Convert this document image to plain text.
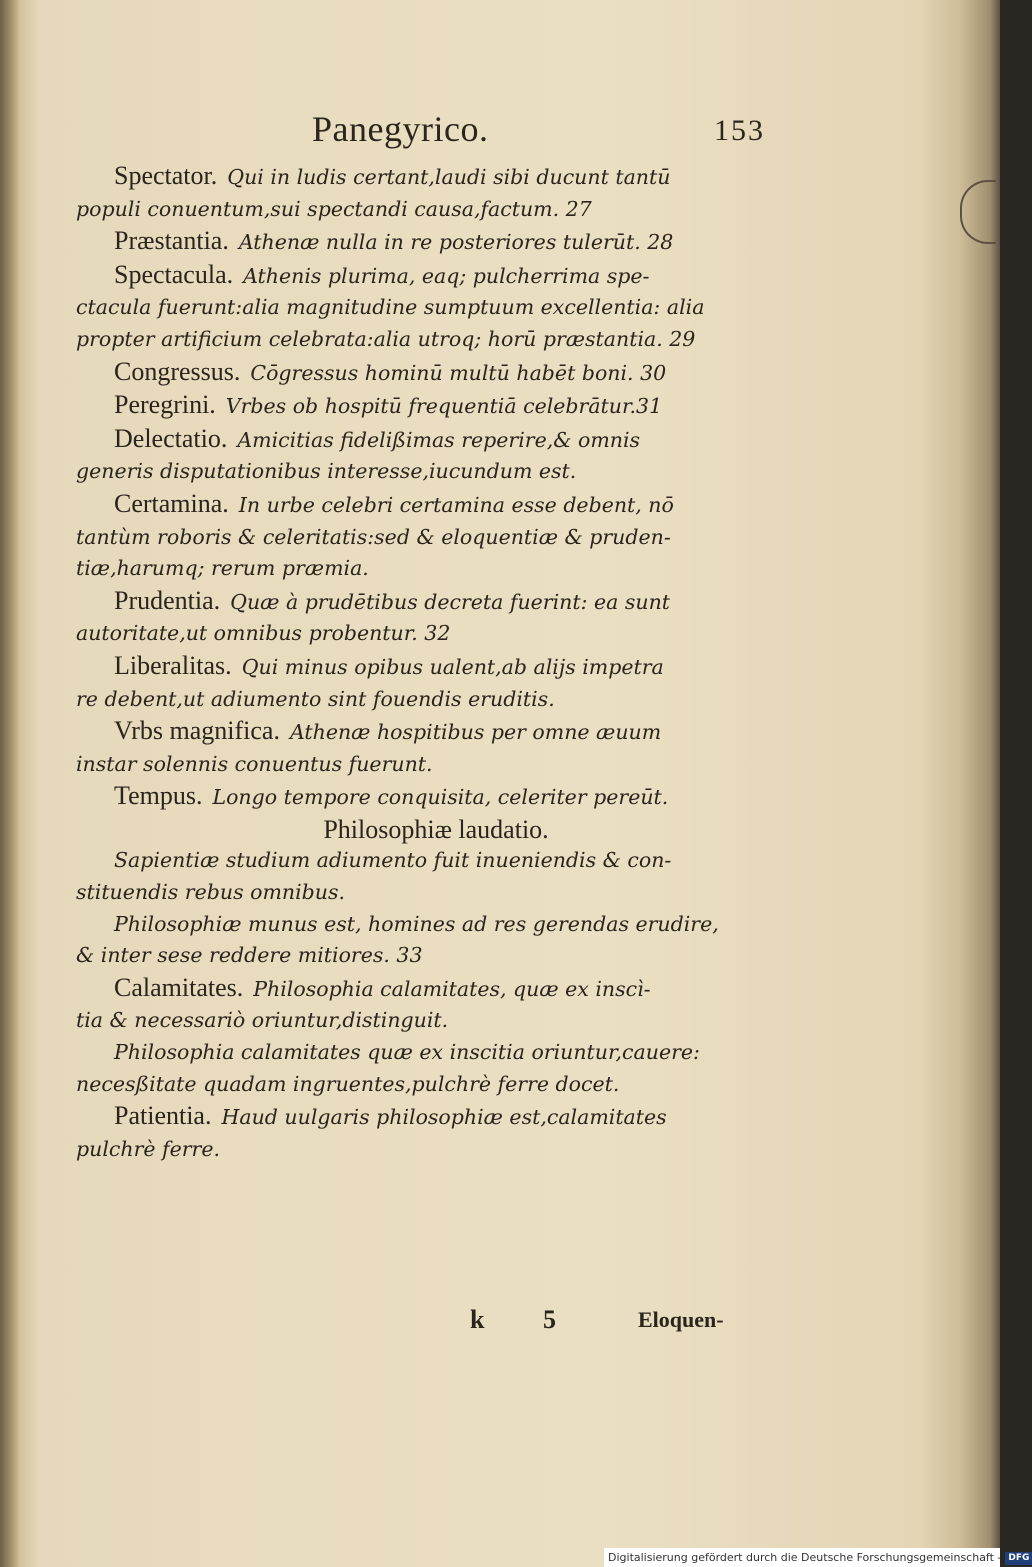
Panegyrico.	153
Spectator. Qui in ludis certant,laudi sibi ducunt tantū
populi conuentum,sui spectandi causa,factum. 27
Præstantia. Athenæ nulla in re posteriores tulerūt. 28
Spectacula. Athenis plurima, eaq; pulcherrima spe-
ctacula fuerunt:alia magnitudine sumptuum excellentia: alia
propter artificium celebrata:alia utroq; horū præstantia. 29
Congressus. Cōgressus hominū multū habēt boni. 30
Peregrini. Vrbes ob hospitū frequentiā celebrātur.31
Delectatio. Amicitias fidelißimas reperire,& omnis
generis disputationibus interesse,iucundum est.
Certamina. In urbe celebri certamina esse debent, nō
tantùm roboris & celeritatis:sed & eloquentiæ & pruden-
tiæ,harumq; rerum præmia.
Prudentia. Quæ à prudētibus decreta fuerint: ea sunt
autoritate,ut omnibus probentur. 32
Liberalitas. Qui minus opibus ualent,ab alijs impetra
re debent,ut adiumento sint fouendis eruditis.
Vrbs magnifica. Athenæ hospitibus per omne æuum
instar solennis conuentus fuerunt.
Tempus. Longo tempore conquisita, celeriter pereūt.

Philosophiæ laudatio.

Sapientiæ studium adiumento fuit inueniendis & con-
stituendis rebus omnibus.
Philosophiæ munus est, homines ad res gerendas erudire,
& inter sese reddere mitiores. 33
Calamitates. Philosophia calamitates, quæ ex inscì-
tia & necessariò oriuntur,distinguit.
Philosophia calamitates quæ ex inscitia oriuntur,cauere:
necesßitate quadam ingruentes,pulchrè ferre docet.
Patientia. Haud uulgaris philosophiæ est,calamitates
pulchrè ferre.
k 5	Eloquen-
Digitalisierung gefördert durch die Deutsche Forschungsgemeinschaft - DFG
